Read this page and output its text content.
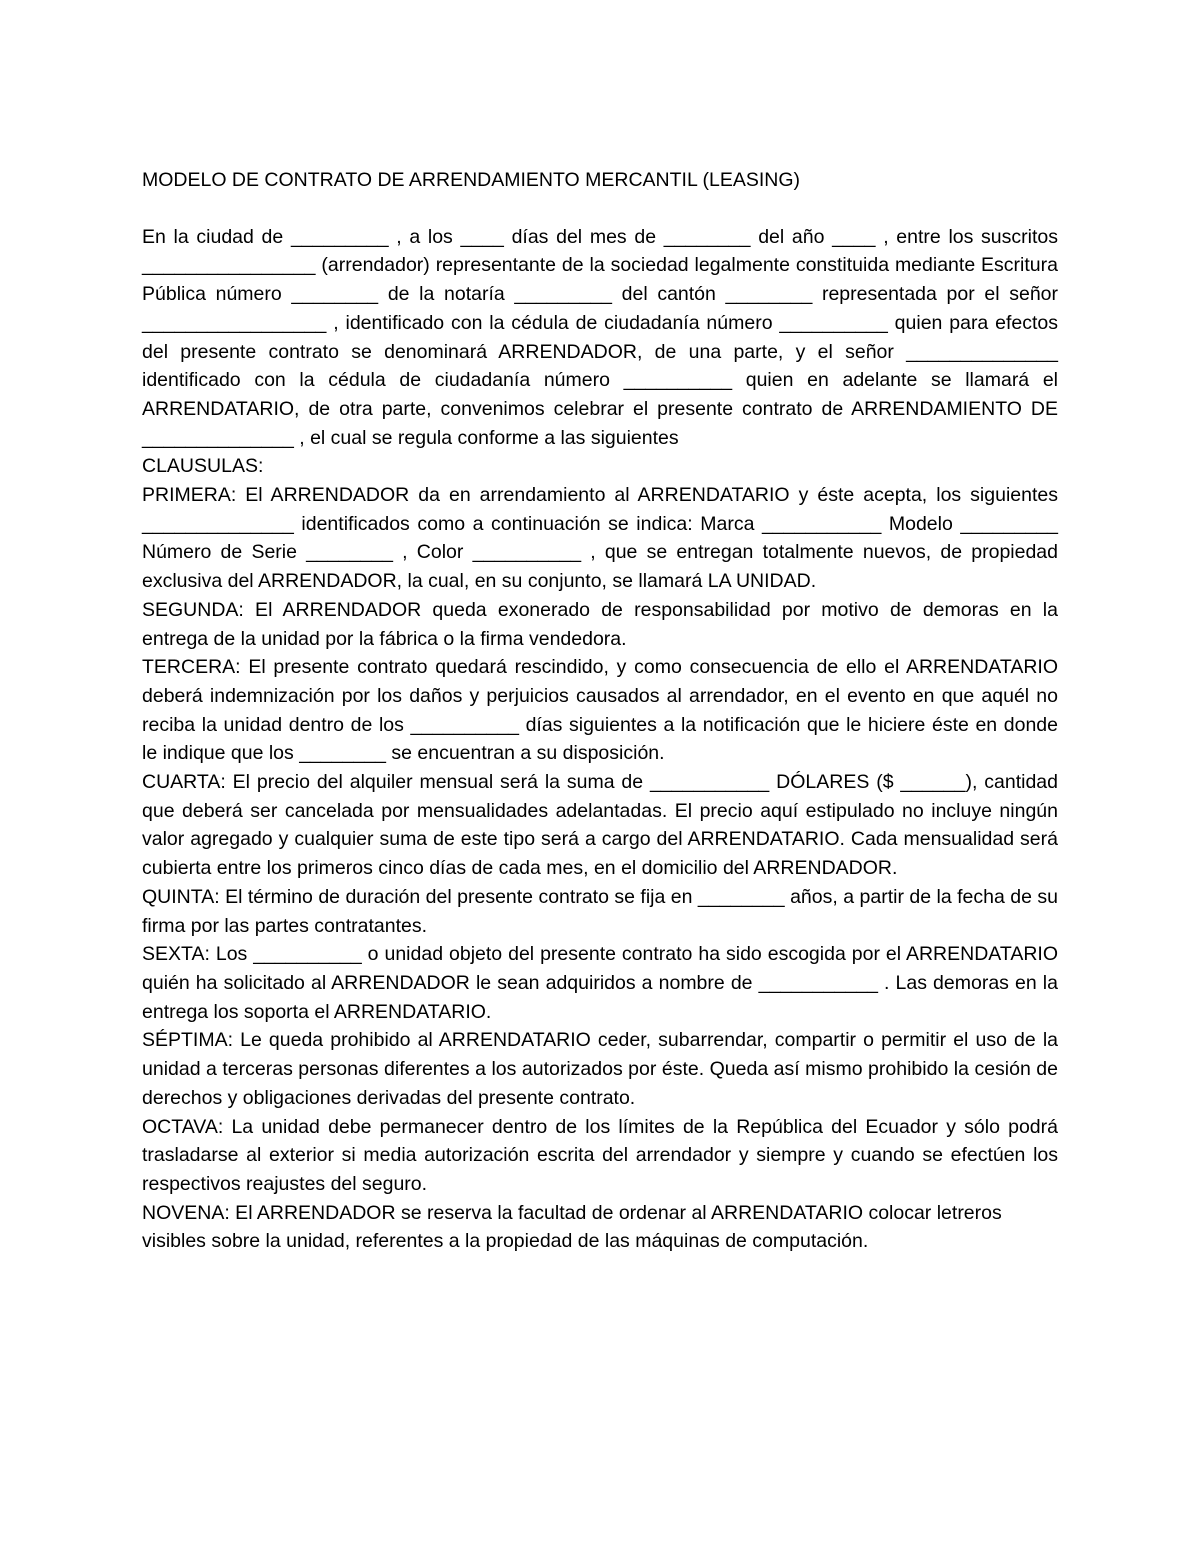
MODELO DE CONTRATO DE ARRENDAMIENTO MERCANTIL (LEASING)

En la ciudad de _________ , a los ____ días del mes de ________ del año ____ , entre los suscritos ________________ (arrendador) representante de la sociedad legalmente constituida mediante Escritura Pública número ________ de la notaría _________ del cantón ________ representada por el señor _________________ , identificado con la cédula de ciudadanía número __________ quien para efectos del presente contrato se denominará ARRENDADOR, de una parte, y el señor ______________ identificado con la cédula de ciudadanía número __________ quien en adelante se llamará el ARRENDATARIO, de otra parte, convenimos celebrar el presente contrato de ARRENDAMIENTO DE ______________ , el cual se regula conforme a las siguientes

CLAUSULAS:

PRIMERA: El ARRENDADOR da en arrendamiento al ARRENDATARIO y éste acepta, los siguientes ______________ identificados como a continuación se indica: Marca ___________ Modelo _________ Número de Serie ________ , Color __________ , que se entregan totalmente nuevos, de propiedad exclusiva del ARRENDADOR, la cual, en su conjunto, se llamará LA UNIDAD.

SEGUNDA: El ARRENDADOR queda exonerado de responsabilidad por motivo de demoras en la entrega de la unidad por la fábrica o la firma vendedora.

TERCERA: El presente contrato quedará rescindido, y como consecuencia de ello el ARRENDATARIO deberá indemnización por los daños y perjuicios causados al arrendador, en el evento en que aquél no reciba la unidad dentro de los __________ días siguientes a la notificación que le hiciere éste en donde le indique que los ________ se encuentran a su disposición.

CUARTA: El precio del alquiler mensual será la suma de ___________ DÓLARES ($ ______), cantidad que deberá ser cancelada por mensualidades adelantadas. El precio aquí estipulado no incluye ningún valor agregado y cualquier suma de este tipo será a cargo del ARRENDATARIO. Cada mensualidad será cubierta entre los primeros cinco días de cada mes, en el domicilio del ARRENDADOR.

QUINTA: El término de duración del presente contrato se fija en ________ años, a partir de la fecha de su firma por las partes contratantes.

SEXTA: Los __________ o unidad objeto del presente contrato ha sido escogida por el ARRENDATARIO quién ha solicitado al ARRENDADOR le sean adquiridos a nombre de ___________ . Las demoras en la entrega los soporta el ARRENDATARIO.

SÉPTIMA: Le queda prohibido al ARRENDATARIO ceder, subarrendar, compartir o permitir el uso de la unidad a terceras personas diferentes a los autorizados por éste. Queda así mismo prohibido la cesión de derechos y obligaciones derivadas del presente contrato.

OCTAVA: La unidad debe permanecer dentro de los límites de la República del Ecuador y sólo podrá trasladarse al exterior si media autorización escrita del arrendador y siempre y cuando se efectúen los respectivos reajustes del seguro.

NOVENA: El ARRENDADOR se reserva la facultad de ordenar al ARRENDATARIO colocar letreros visibles sobre la unidad, referentes a la propiedad de las máquinas de computación.
